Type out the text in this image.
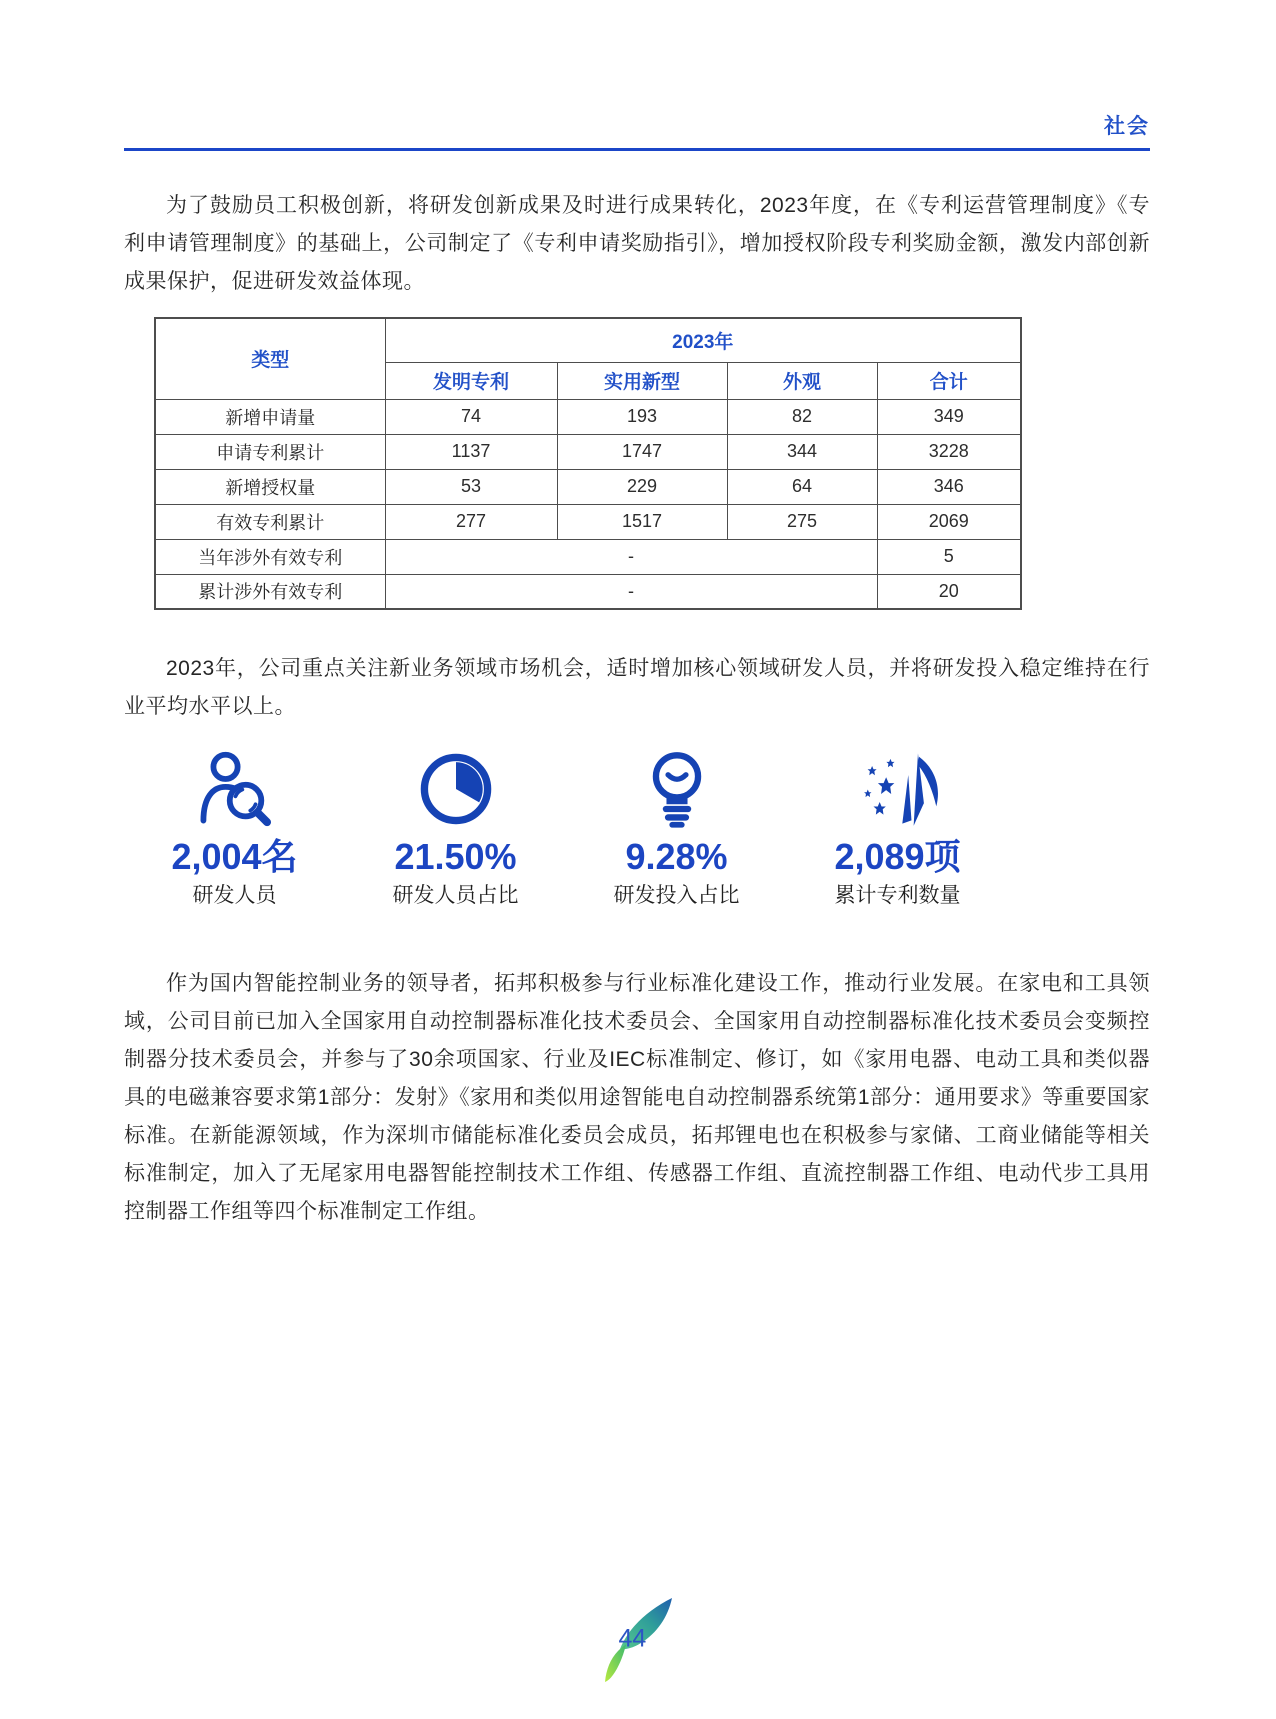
社会

为了鼓励员工积极创新，将研发创新成果及时进行成果转化，2023年度，在《专利运营管理制度》《专利申请管理制度》的基础上，公司制定了《专利申请奖励指引》，增加授权阶段专利奖励金额，激发内部创新成果保护，促进研发效益体现。

类型	2023年			
	发明专利	实用新型	外观	合计
新增申请量	74	193	82	349
申请专利累计	1137	1747	344	3228
新增授权量	53	229	64	346
有效专利累计	277	1517	275	2069
当年涉外有效专利	-			5
累计涉外有效专利	-			20

2023年，公司重点关注新业务领域市场机会，适时增加核心领域研发人员，并将研发投入稳定维持在行业平均水平以上。

2,004名
研发人员
21.50%
研发人员占比
9.28%
研发投入占比
2,089项
累计专利数量

作为国内智能控制业务的领导者，拓邦积极参与行业标准化建设工作，推动行业发展。在家电和工具领域，公司目前已加入全国家用自动控制器标准化技术委员会、全国家用自动控制器标准化技术委员会变频控制器分技术委员会，并参与了30余项国家、行业及IEC标准制定、修订，如《家用电器、电动工具和类似器具的电磁兼容要求第1部分：发射》《家用和类似用途智能电自动控制器系统第1部分：通用要求》等重要国家标准。在新能源领域，作为深圳市储能标准化委员会成员，拓邦锂电也在积极参与家储、工商业储能等相关标准制定，加入了无尾家用电器智能控制技术工作组、传感器工作组、直流控制器工作组、电动代步工具用控制器工作组等四个标准制定工作组。

44
